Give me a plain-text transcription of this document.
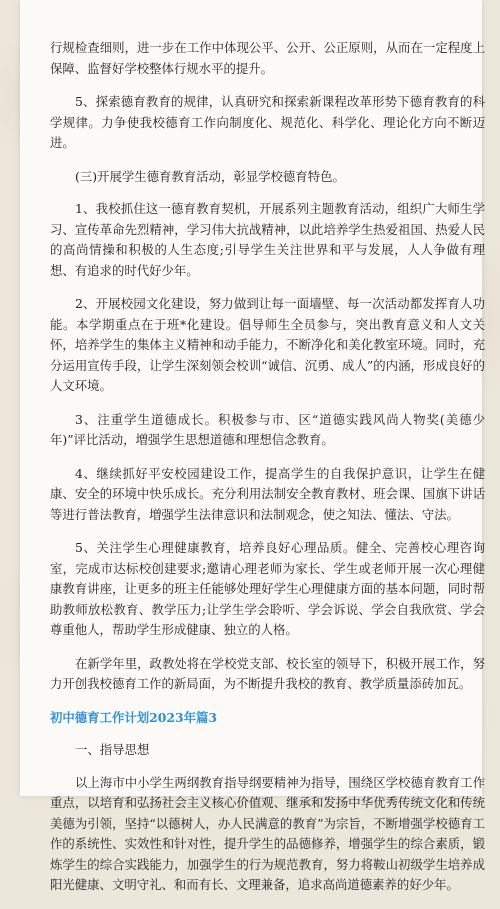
行规检查细则，进一步在工作中体现公平、公开、公正原则，从而在一定程度上保障、监督好学校整体行规水平的提升。

5、探索德育教育的规律，认真研究和探索新课程改革形势下德育教育的科学规律。力争使我校德育工作向制度化、规范化、科学化、理论化方向不断迈进。

(三)开展学生德育教育活动，彰显学校德育特色。

1、我校抓住这一德育教育契机，开展系列主题教育活动，组织广大师生学习、宣传革命先烈精神，学习伟大抗战精神，以此培养学生热爱祖国、热爱人民的高尚情操和积极的人生态度;引导学生关注世界和平与发展，人人争做有理想、有追求的时代好少年。

2、开展校园文化建设，努力做到让每一面墙壁、每一次活动都发挥育人功能。本学期重点在于班*化建设。倡导师生全员参与，突出教育意义和人文关怀，培养学生的集体主义精神和动手能力，不断净化和美化教室环境。同时，充分运用宣传手段，让学生深刻领会校训“诚信、沉勇、成人”的内涵，形成良好的人文环境。

3、注重学生道德成长。积极参与市、区“道德实践风尚人物奖(美德少年)”评比活动，増强学生思想道德和理想信念教育。

4、继续抓好平安校园建设工作，提高学生的自我保护意识，让学生在健康、安全的环境中快乐成长。充分利用法制安全教育教材、班会课、国旗下讲话等进行普法教育，増强学生法律意识和法制观念，使之知法、懂法、守法。

5、关注学生心理健康教育，培养良好心理品质。健全、完善校心理咨询室，完成市达标校创建要求;邀请心理老师为家长、学生或老师开展一次心理健康教育讲座，让更多的班主任能够处理好学生心理健康方面的基本问题，同时帮助教师放松教育、教学压力;让学生学会聆听、学会诉说、学会自我欣赏、学会尊重他人，帮助学生形成健康、独立的人格。

在新学年里，政教处将在学校党支部、校长室的领导下，积极开展工作，努力开创我校德育工作的新局面，为不断提升我校的教育、教学质量添砖加瓦。

初中德育工作计划2023年篇3

一、指导思想

以上海市中小学生两纲教育指导纲要精神为指导，围绕区学校德育教育工作重点，以培育和弘扬社会主义核心价值观、继承和发扬中华优秀传统文化和传统美德为引领，坚持“以德树人，办人民满意的教育”为宗旨，不断增强学校德育工作的系统性、实效性和针对性，提升学生的品德修养，增强学生的综合素质，锻炼学生的综合实践能力，加强学生的行为规范教育，努力将鞍山初级学生培养成阳光健康、文明守礼、和而有长、文理兼备，追求高尚道德素养的好少年。
